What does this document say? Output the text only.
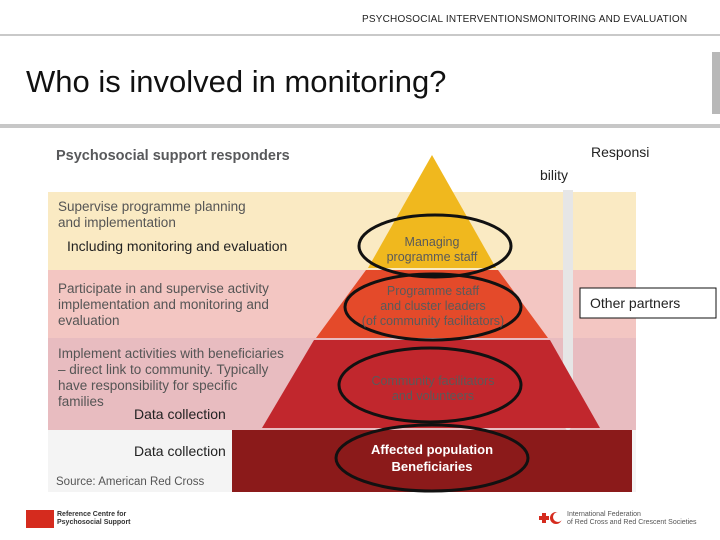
PSYCHOSOCIAL INTERVENTIONSMONITORING AND EVALUATION
Who is involved in monitoring?
Psychosocial support responders
Supervise programme planning
and implementation
Participate in and supervise activity
implementation and monitoring and
evaluation
Implement activities with beneficiaries
– direct link to community. Typically
have responsibility for specific
families
Managing
programme staff
Programme staff
and cluster leaders
(of community facilitators)
Community facilitators
and volunteers
Affected population
Beneficiaries
Responsi
bility
Including monitoring and evaluation
Other partners
Data collection
Data collection
Source: American Red Cross
Reference Centre for
Psychosocial Support
International Federation
of Red Cross and Red Crescent Societies
